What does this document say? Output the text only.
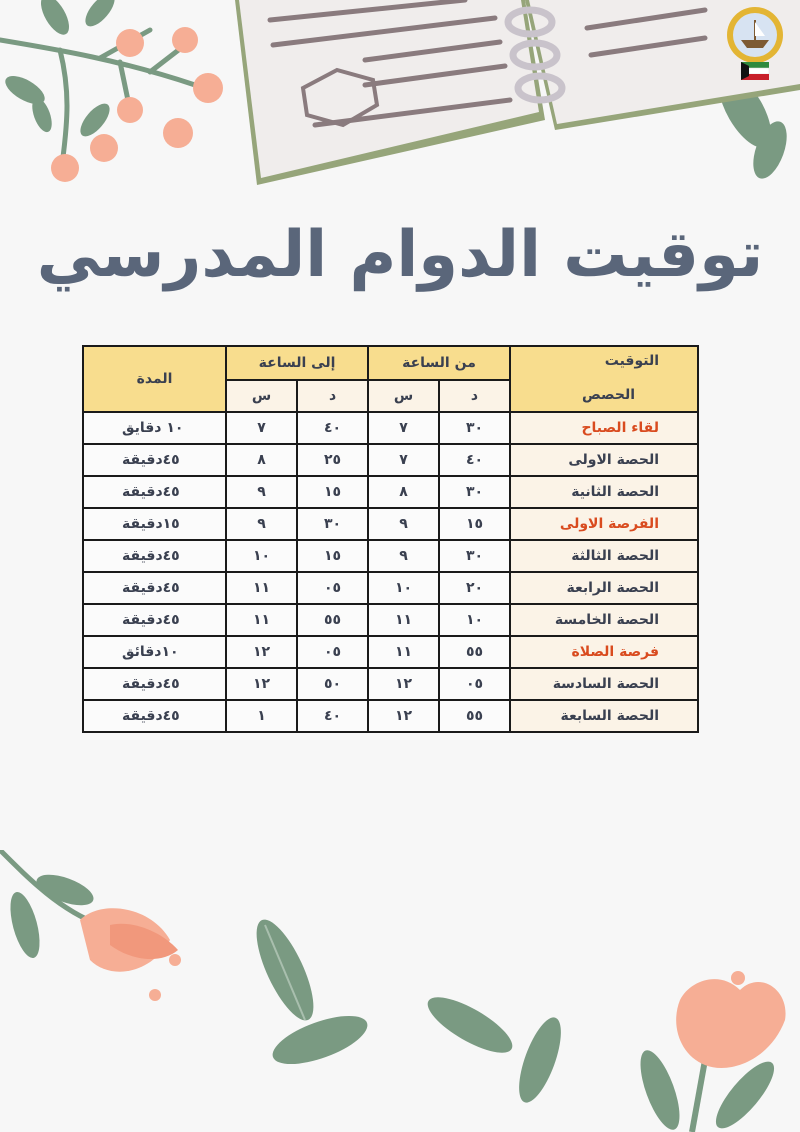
توقيت الدوام المدرسي
التوقيت
الحصص	من الساعة		إلى الساعة		المدة
	د	س	د	س	
لقاء الصباح	٣٠	٧	٤٠	٧	١٠ دقايق
الحصة الاولى	٤٠	٧	٢٥	٨	٤٥دقيقة
الحصة الثانية	٣٠	٨	١٥	٩	٤٥دقيقة
الفرصة الاولى	١٥	٩	٣٠	٩	١٥دقيقة
الحصة الثالثة	٣٠	٩	١٥	١٠	٤٥دقيقة
الحصة الرابعة	٢٠	١٠	٠٥	١١	٤٥دقيقة
الحصة الخامسة	١٠	١١	٥٥	١١	٤٥دقيقة
فرصة الصلاة	٥٥	١١	٠٥	١٢	١٠دقائق
الحصة السادسة	٠٥	١٢	٥٠	١٢	٤٥دقيقة
الحصة السابعة	٥٥	١٢	٤٠	١	٤٥دقيقة
